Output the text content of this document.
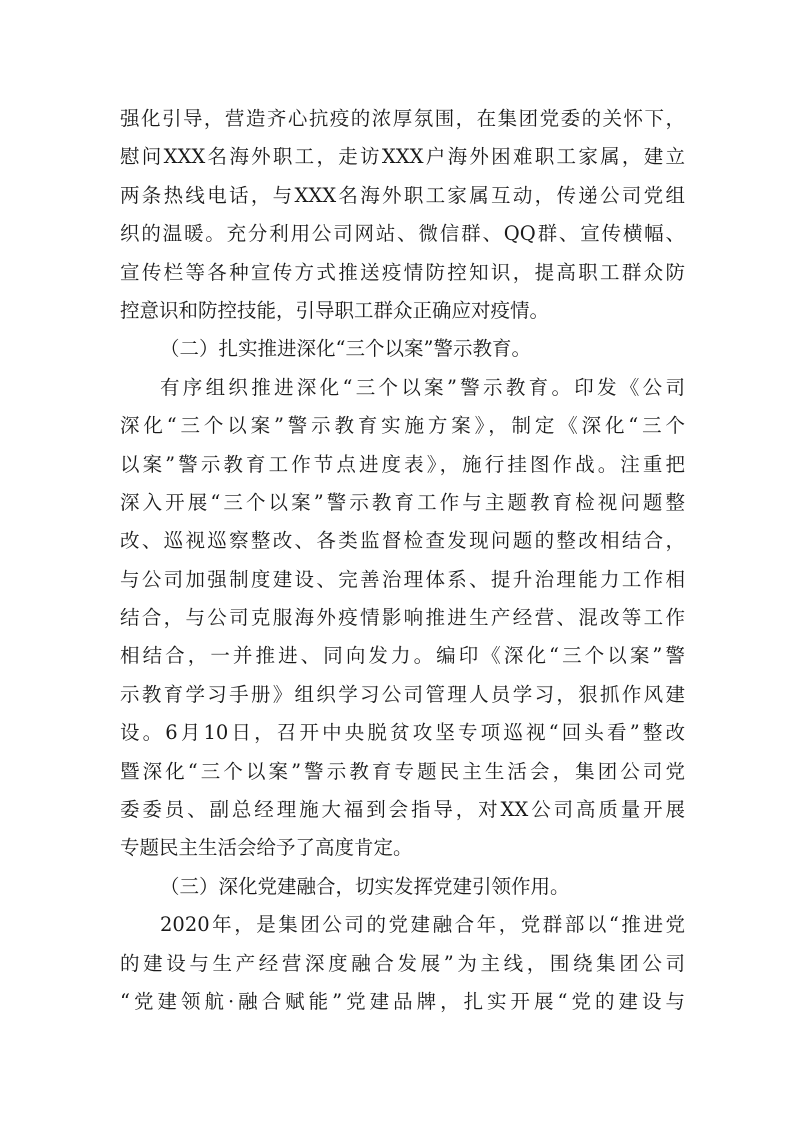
强化引导，营造齐心抗疫的浓厚氛围，在集团党委的关怀下，
慰问XXX名海外职工，走访XXX户海外困难职工家属，建立
两条热线电话，与XXX名海外职工家属互动，传递公司党组
织的温暖。充分利用公司网站、微信群、QQ群、宣传横幅、
宣传栏等各种宣传方式推送疫情防控知识，提高职工群众防
控意识和防控技能，引导职工群众正确应对疫情。
（二）扎实推进深化“三个以案”警示教育。
有序组织推进深化“三个以案”警示教育。印发《公司
深化“三个以案”警示教育实施方案》，制定《深化“三个
以案”警示教育工作节点进度表》，施行挂图作战。注重把
深入开展“三个以案”警示教育工作与主题教育检视问题整
改、巡视巡察整改、各类监督检查发现问题的整改相结合，
与公司加强制度建设、完善治理体系、提升治理能力工作相
结合，与公司克服海外疫情影响推进生产经营、混改等工作
相结合，一并推进、同向发力。编印《深化“三个以案”警
示教育学习手册》组织学习公司管理人员学习，狠抓作风建
设。6月10日，召开中央脱贫攻坚专项巡视“回头看”整改
暨深化“三个以案”警示教育专题民主生活会，集团公司党
委委员、副总经理施大福到会指导，对XX公司高质量开展
专题民主生活会给予了高度肯定。
（三）深化党建融合，切实发挥党建引领作用。
2020年，是集团公司的党建融合年，党群部以“推进党
的建设与生产经营深度融合发展”为主线，围绕集团公司
“党建领航·融合赋能”党建品牌，扎实开展“党的建设与
